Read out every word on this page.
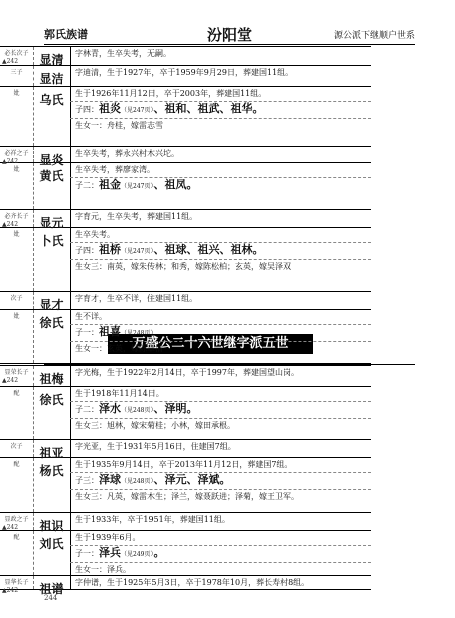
郭氏族谱	汾阳堂	源公派下继顺户世系
万盛公二十六世继字派五世
244
必长次子
▲242	显清	字林青，生卒失考，无嗣。
三子	显洁	字迪清，生于1927年，卒于1959年9月29日，葬建国11组。
妣	乌氏	生于1926年11月12日，卒于2003年，葬建国11组。
子四：祖炎（见247页）、祖和、祖武、祖华。
生女一：舟桂，嫁雷志雪
必祥之子
▲242	显炎	生卒失考，葬永兴村木兴坨。
妣	黄氏	生卒失考，葬廖家湾。
子二：祖金（见247页）、祖凤。
必齐长子
▲242	显元	字育元，生卒失考，葬建国11组。
妣	卜氏	生卒失考。
子四：祖桥（见247页）、祖球、祖兴、祖林。
生女三：南英，嫁朱传林；和秀，嫁陈松柏；玄英，嫁吴泽双
次子	显才	字育才，生卒不详，住建国11组。
妣	徐氏	生不详。
子一：祖喜（见248页）
生女一：玄英，嫁陈章清
显荣长子
▲242	祖梅	字光梅，生于1922年2月14日，卒于1997年，葬建国望山岗。
配	徐氏	生于1918年11月14日。
子二：泽水（见248页）、泽明。
生女三：旭林，嫁宋菊桂；小林，嫁田承根。
次子	祖亚	字光亚，生于1931年5月16日，住建国7组。
配	杨氏	生于1935年9月14日，卒于2013年11月12日，葬建国7组。
子三：泽球（见248页）、泽元、泽斌。
生女三：凡英，嫁雷木生；泽兰，嫁聂跃进；泽菊，嫁王卫军。
显政之子
▲242	祖识	生于1933年，卒于1951年，葬建国11组。
配	刘氏	生于1939年6月。
子一：泽兵（见249页）。
生女一：泽兵。
显华长子
▲242	祖谱	字仲谱，生于1925年5月3日，卒于1978年10月，葬长寿村8组。
